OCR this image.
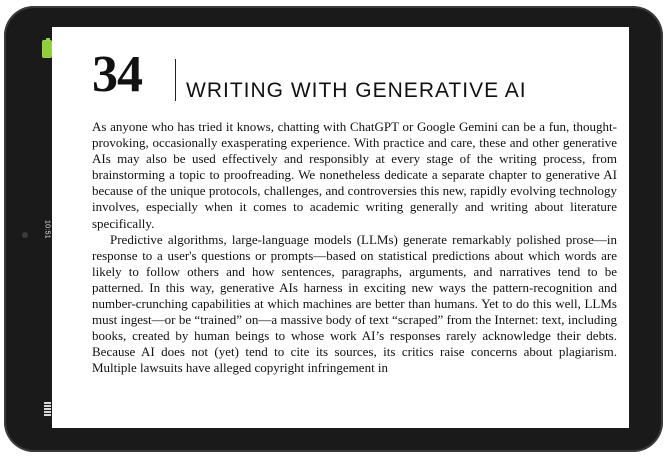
10:51
34 WRITING WITH GENERATIVE AI

As anyone who has tried it knows, chatting with ChatGPT or Google Gemini can be a fun, thought-provoking, occasionally exasperating experience. With practice and care, these and other generative AIs may also be used effectively and responsibly at every stage of the writing process, from brainstorming a topic to proofreading. We nonetheless dedicate a separate chapter to generative AI because of the unique protocols, challenges, and controversies this new, rapidly evolving technology involves, especially when it comes to academic writing generally and writing about literature specifically.

Predictive algorithms, large-language models (LLMs) generate remarkably polished prose—in response to a user's questions or prompts—based on statistical predictions about which words are likely to follow others and how sentences, paragraphs, arguments, and narratives tend to be patterned. In this way, generative AIs harness in exciting new ways the pattern-recognition and number-crunching capabilities at which machines are better than humans. Yet to do this well, LLMs must ingest—or be “trained” on—a massive body of text “scraped” from the Internet: text, including books, created by human beings to whose work AI’s responses rarely acknowledge their debts. Because AI does not (yet) tend to cite its sources, its critics raise concerns about plagiarism. Multiple lawsuits have alleged copyright infringement in
